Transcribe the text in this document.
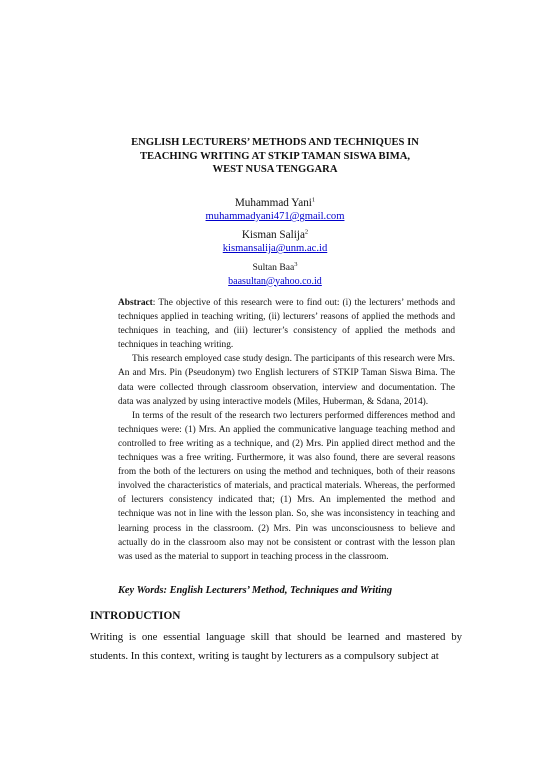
ENGLISH LECTURERS’ METHODS AND TECHNIQUES IN
TEACHING WRITING AT STKIP TAMAN SISWA BIMA,
WEST NUSA TENGGARA
Muhammad Yani$^1$
muhammadyani471@gmail.com
Kisman Salija$^2$
kismansalija@unm.ac.id
Sultan Baa$^3$
baasultan@yahoo.co.id

Abstract: The objective of this research were to find out: (i) the lecturers’ methods and techniques applied in teaching writing, (ii) lecturers’ reasons of applied the methods and techniques in teaching, and (iii) lecturer’s consistency of applied the methods and techniques in teaching writing.

This research employed case study design. The participants of this research were Mrs. An and Mrs. Pin (Pseudonym) two English lecturers of STKIP Taman Siswa Bima. The data were collected through classroom observation, interview and documentation. The data was analyzed by using interactive models (Miles, Huberman, & Sdana, 2014).

In terms of the result of the research two lecturers performed differences method and techniques were: (1) Mrs. An applied the communicative language teaching method and controlled to free writing as a technique, and (2) Mrs. Pin applied direct method and the techniques was a free writing. Furthermore, it was also found, there are several reasons from the both of the lecturers on using the method and techniques, both of their reasons involved the characteristics of materials, and practical materials. Whereas, the performed of lecturers consistency indicated that; (1) Mrs. An implemented the method and technique was not in line with the lesson plan. So, she was inconsistency in teaching and learning process in the classroom. (2) Mrs. Pin was unconsciousness to believe and actually do in the classroom also may not be consistent or contrast with the lesson plan was used as the material to support in teaching process in the classroom.

Key Words: English Lecturers’ Method, Techniques and Writing
INTRODUCTION

Writing is one essential language skill that should be learned and mastered by students. In this context, writing is taught by lecturers as a compulsory subject at
